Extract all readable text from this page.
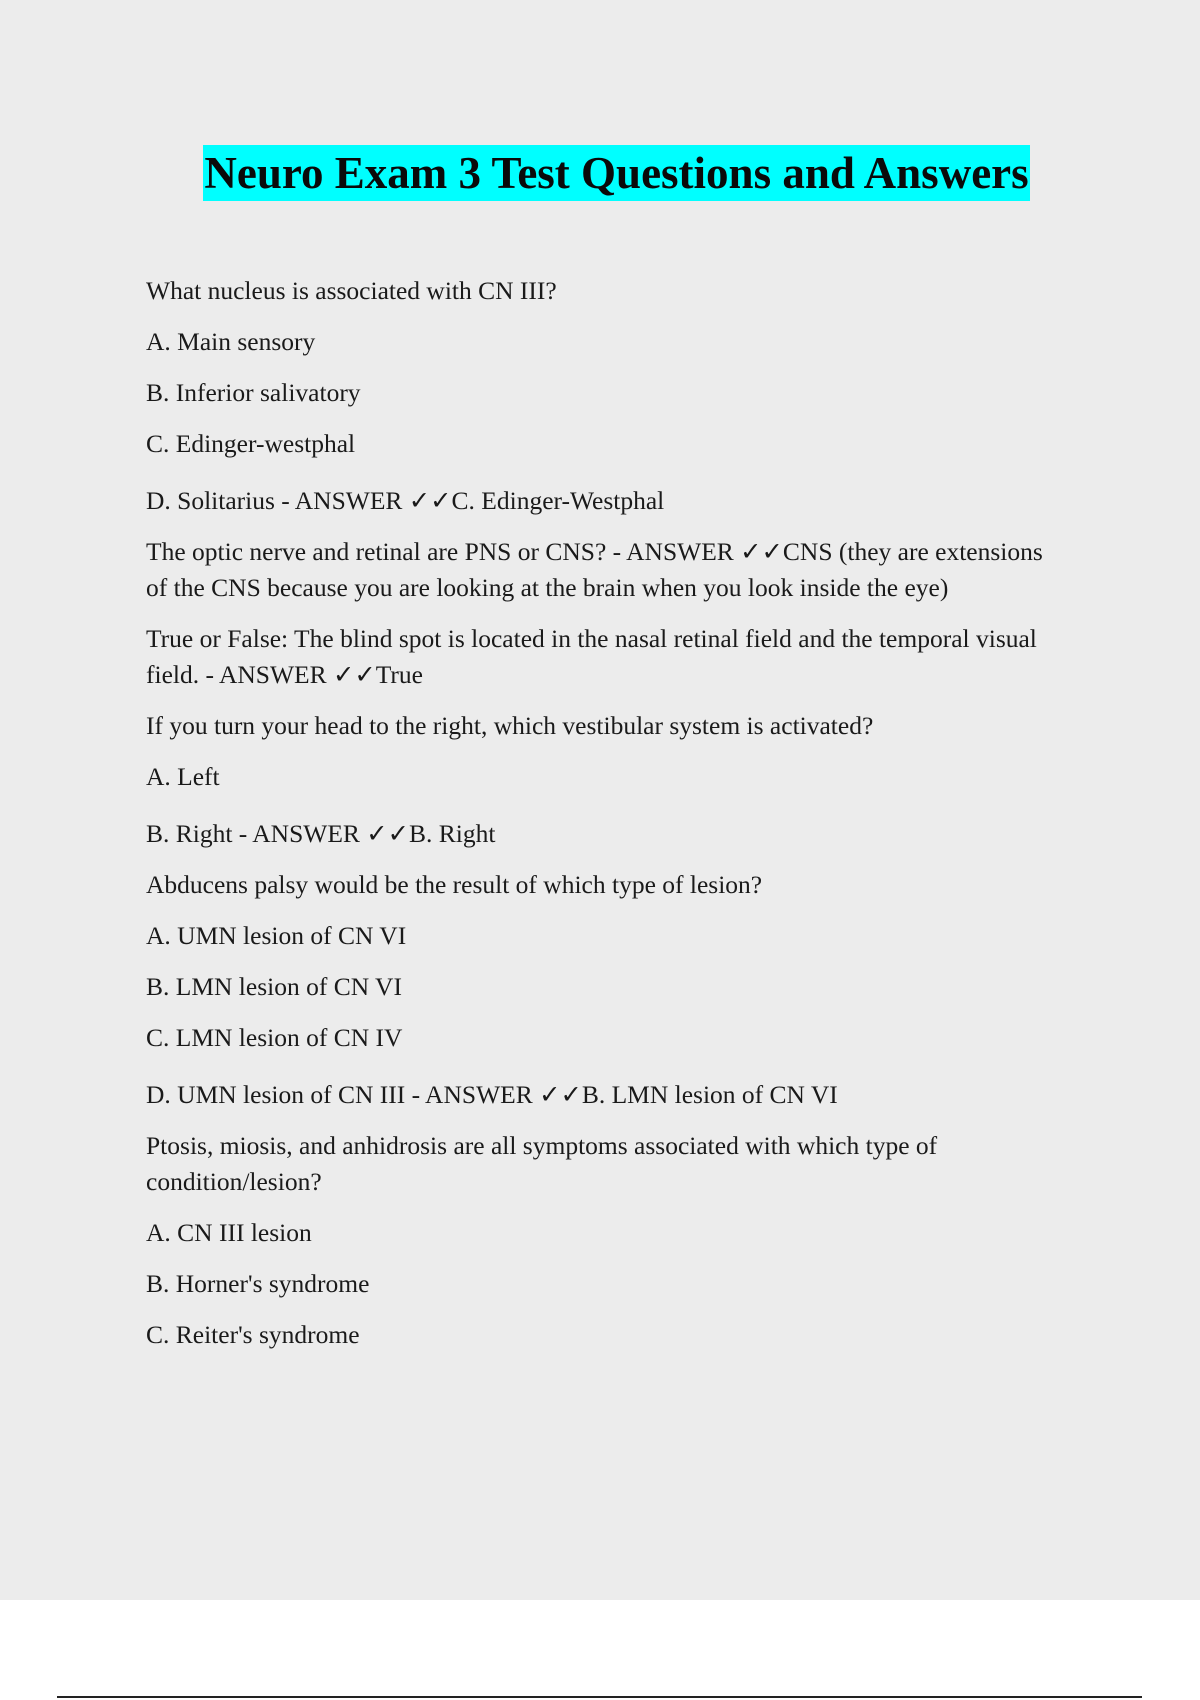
Neuro Exam 3 Test Questions and Answers

What nucleus is associated with CN III?

A. Main sensory

B. Inferior salivatory

C. Edinger-westphal

D. Solitarius - ANSWER ✓✓C. Edinger-Westphal

The optic nerve and retinal are PNS or CNS? - ANSWER ✓✓CNS (they are extensions of the CNS because you are looking at the brain when you look inside the eye)

True or False: The blind spot is located in the nasal retinal field and the temporal visual field. - ANSWER ✓✓True

If you turn your head to the right, which vestibular system is activated?

A. Left

B. Right - ANSWER ✓✓B. Right

Abducens palsy would be the result of which type of lesion?

A. UMN lesion of CN VI

B. LMN lesion of CN VI

C. LMN lesion of CN IV

D. UMN lesion of CN III - ANSWER ✓✓B. LMN lesion of CN VI

Ptosis, miosis, and anhidrosis are all symptoms associated with which type of condition/lesion?

A. CN III lesion

B. Horner's syndrome

C. Reiter's syndrome
